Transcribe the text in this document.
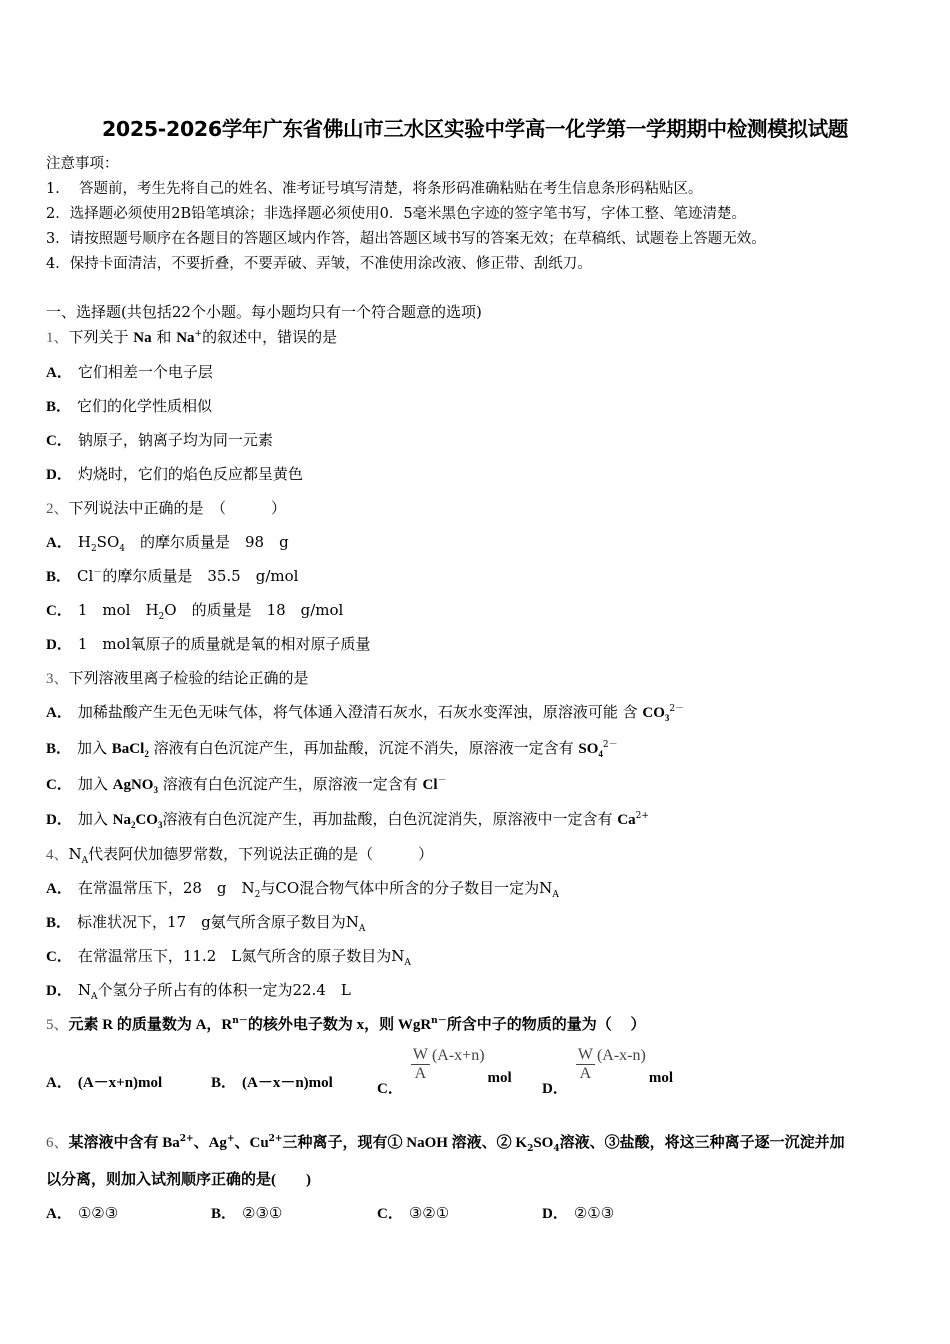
2025-2026学年广东省佛山市三水区实验中学高一化学第一学期期中检测模拟试题
注意事项：
1.　 答题前，考生先将自己的姓名、准考证号填写清楚，将条形码准确粘贴在考生信息条形码粘贴区。
2．选择题必须使用2B铅笔填涂；非选择题必须使用0．5毫米黑色字迹的签字笔书写，字体工整、笔迹清楚。
3．请按照题号顺序在各题目的答题区域内作答，超出答题区域书写的答案无效；在草稿纸、试题卷上答题无效。
4．保持卡面清洁，不要折叠，不要弄破、弄皱，不准使用涂改液、修正带、刮纸刀。
一、选择题(共包括22个小题。每小题均只有一个符合题意的选项)
1、下列关于 Na 和 Na+的叙述中，错误的是
A． 它们相差一个电子层
B． 它们的化学性质相似
C． 钠原子，钠离子均为同一元素
D． 灼烧时，它们的焰色反应都呈黄色
2、下列说法中正确的是　（　　　）
A． $H_2SO_4$　的摩尔质量是　98　g
B． Cl－的摩尔质量是　35.5　g/mol
C． 1　mol　$H_2O$　的质量是　18　g/mol
D． 1　mol氧原子的质量就是氧的相对原子质量
3、下列溶液里离子检验的结论正确的是
A． 加稀盐酸产生无色无味气体，将气体通入澄清石灰水，石灰水变浑浊，原溶液可能 含 $CO_3^{2-}$
B． 加入 BaCl$_2$ 溶液有白色沉淀产生，再加盐酸，沉淀不消失，原溶液一定含有 $SO_4^{2-}$
C． 加入 AgNO$_3$ 溶液有白色沉淀产生，原溶液一定含有 Cl－
D． 加入 $Na_2CO_3$溶液有白色沉淀产生，再加盐酸，白色沉淀消失，原溶液中一定含有 $Ca^{2+}$
4、$N_A$代表阿伏加德罗常数，下列说法正确的是（　　　）
A． 在常温常压下，28　g　$N_2$与CO混合物气体中所含的分子数目一定为$N_A$
B． 标准状况下，17　g氨气所含原子数目为$N_A$
C． 在常温常压下，11.2　L氮气所含的原子数目为$N_A$
D． $N_A$个氢分子所占有的体积一定为22.4　L
5、元素 R 的质量数为 A，$R^{n-}$的核外电子数为 x，则 WgR$^{n-}$所含中子的物质的量为（　 ）
A． (A－x+n)mol	B． (A－x－n)mol	C．
$\frac{W}{A} (A-x+n)mol$
D．
$\frac{W}{A} (A-x-n)mol$
6、某溶液中含有 $Ba^{2+}$、Ag+、$Cu^{2+}$三种离子，现有① NaOH 溶液、② $K_2SO_4$溶液、③盐酸，将这三种离子逐一沉淀并加
以分离，则加入试剂顺序正确的是(　　)
A． ①②③	B． ②③①	C． ③②①	D． ②①③
